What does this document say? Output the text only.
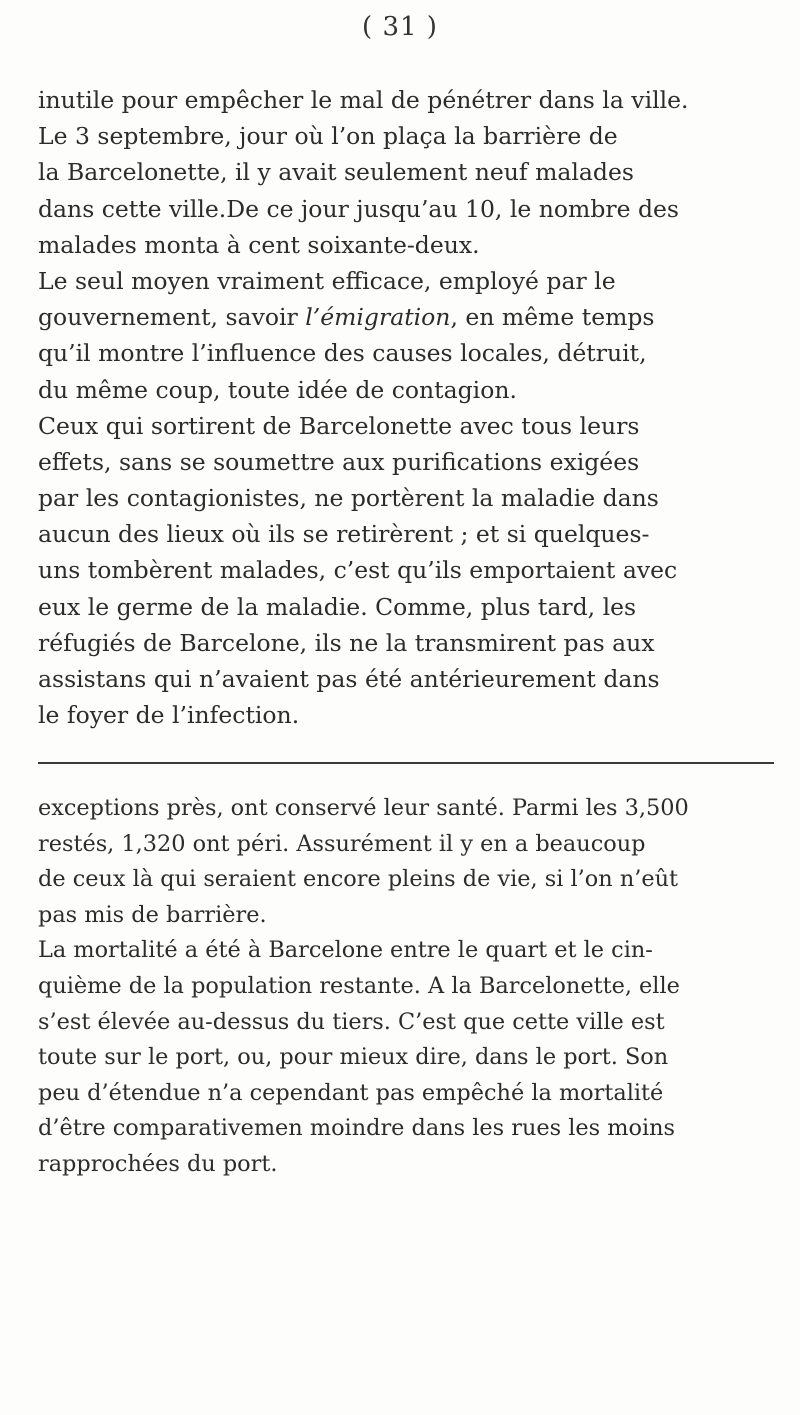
( 31 )
inutile pour empêcher le mal de pénétrer dans la ville.
Le 3 septembre, jour où l’on plaça la barrière de
la Barcelonette, il y avait seulement neuf malades
dans cette ville.De ce jour jusqu’au 10, le nombre des
malades monta à cent soixante-deux.
Le seul moyen vraiment efficace, employé par le
gouvernement, savoir l’émigration, en même temps
qu’il montre l’influence des causes locales, détruit,
du même coup, toute idée de contagion.
Ceux qui sortirent de Barcelonette avec tous leurs
effets, sans se soumettre aux purifications exigées
par les contagionistes, ne portèrent la maladie dans
aucun des lieux où ils se retirèrent ; et si quelques-
uns tombèrent malades, c’est qu’ils emportaient avec
eux le germe de la maladie. Comme, plus tard, les
réfugiés de Barcelone, ils ne la transmirent pas aux
assistans qui n’avaient pas été antérieurement dans
le foyer de l’infection.
exceptions près, ont conservé leur santé. Parmi les 3,500
restés, 1,320 ont péri. Assurément il y en a beaucoup
de ceux là qui seraient encore pleins de vie, si l’on n’eût
pas mis de barrière.
La mortalité a été à Barcelone entre le quart et le cin-
quième de la population restante. A la Barcelonette, elle
s’est élevée au-dessus du tiers. C’est que cette ville est
toute sur le port, ou, pour mieux dire, dans le port. Son
peu d’étendue n’a cependant pas empêché la mortalité
d’être comparativemen moindre dans les rues les moins
rapprochées du port.
